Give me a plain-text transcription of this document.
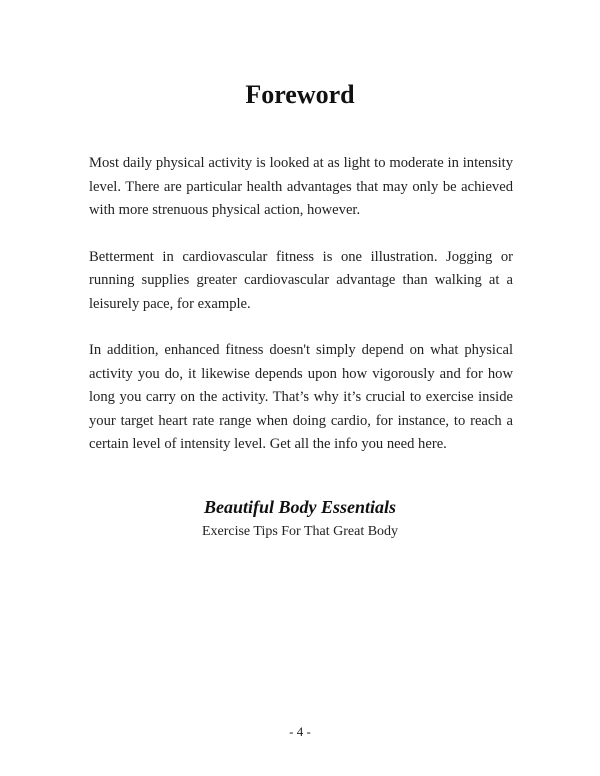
Foreword

Most daily physical activity is looked at as light to moderate in intensity level. There are particular health advantages that may only be achieved with more strenuous physical action, however.

Betterment in cardiovascular fitness is one illustration. Jogging or running supplies greater cardiovascular advantage than walking at a leisurely pace, for example.

In addition, enhanced fitness doesn't simply depend on what physical activity you do, it likewise depends upon how vigorously and for how long you carry on the activity. That’s why it’s crucial to exercise inside your target heart rate range when doing cardio, for instance, to reach a certain level of intensity level. Get all the info you need here.

Beautiful Body Essentials

Exercise Tips For That Great Body

- 4 -
